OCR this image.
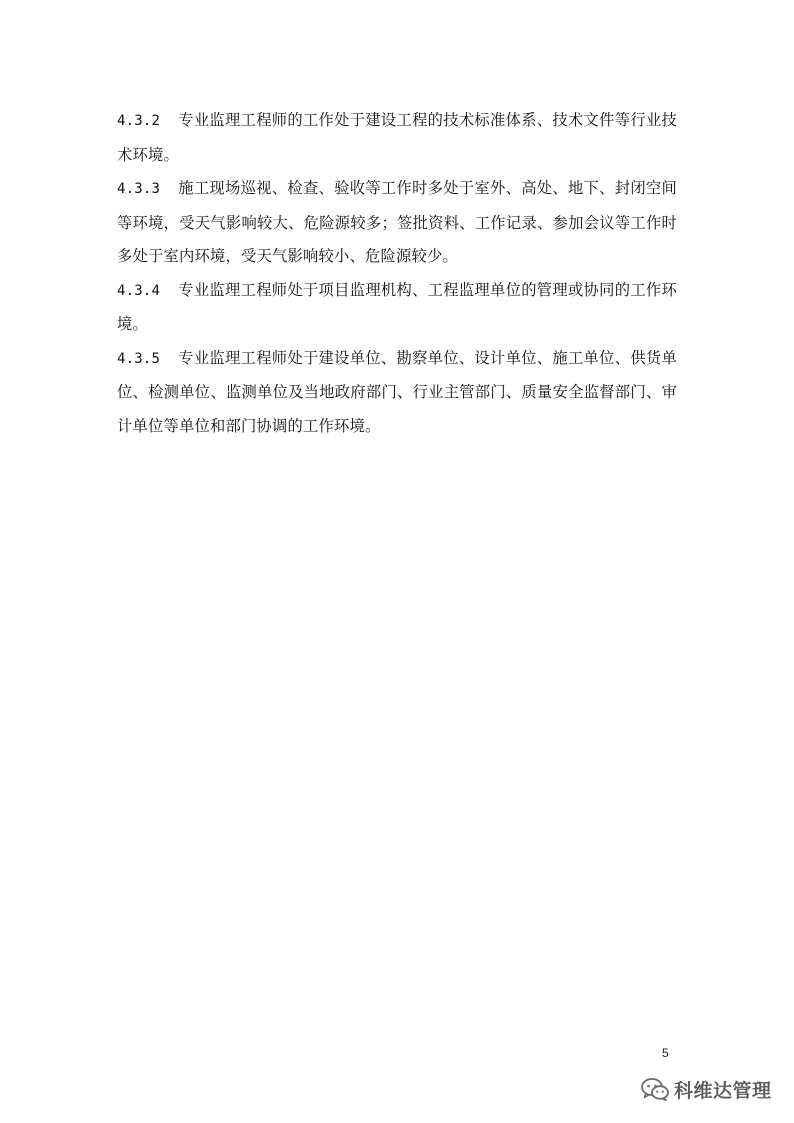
4.3.2 专业监理工程师的工作处于建设工程的技术标准体系、技术文件等行业技术环境。

4.3.3 施工现场巡视、检查、验收等工作时多处于室外、高处、地下、封闭空间等环境，受天气影响较大、危险源较多；签批资料、工作记录、参加会议等工作时多处于室内环境，受天气影响较小、危险源较少。

4.3.4 专业监理工程师处于项目监理机构、工程监理单位的管理或协同的工作环境。

4.3.5 专业监理工程师处于建设单位、勘察单位、设计单位、施工单位、供货单位、检测单位、监测单位及当地政府部门、行业主管部门、质量安全监督部门、审计单位等单位和部门协调的工作环境。

5
科维达管理
